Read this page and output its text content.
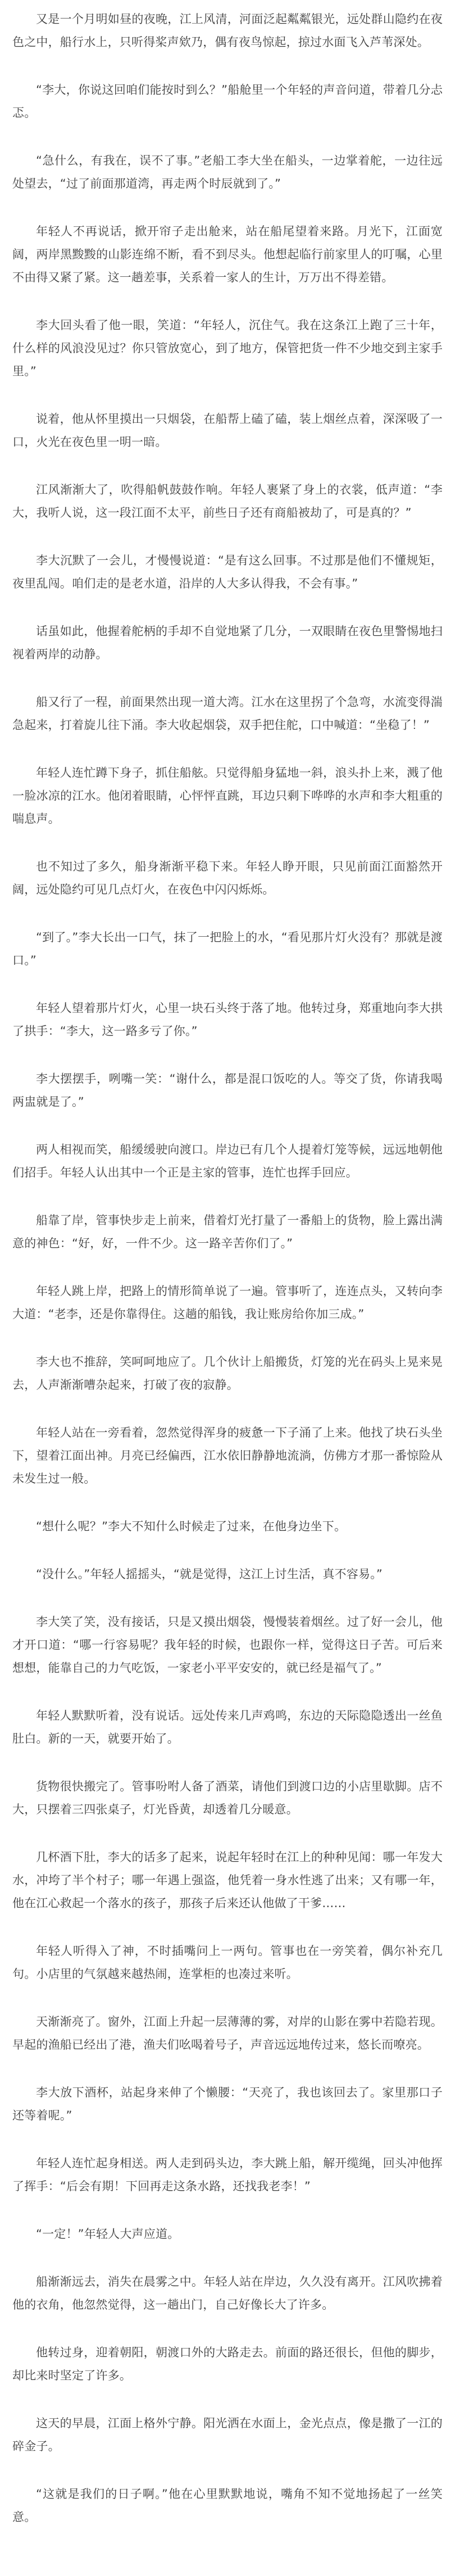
又是一个月明如昼的夜晚，江上风清，河面泛起粼粼银光，远处群山隐约在夜色之中，船行水上，只听得桨声欸乃，偶有夜鸟惊起，掠过水面飞入芦苇深处。

“李大，你说这回咱们能按时到么？”船舱里一个年轻的声音问道，带着几分忐忑。

“急什么，有我在，误不了事。”老船工李大坐在船头，一边掌着舵，一边往远处望去，“过了前面那道湾，再走两个时辰就到了。”

年轻人不再说话，掀开帘子走出舱来，站在船尾望着来路。月光下，江面宽阔，两岸黑黢黢的山影连绵不断，看不到尽头。他想起临行前家里人的叮嘱，心里不由得又紧了紧。这一趟差事，关系着一家人的生计，万万出不得差错。

李大回头看了他一眼，笑道：“年轻人，沉住气。我在这条江上跑了三十年，什么样的风浪没见过？你只管放宽心，到了地方，保管把货一件不少地交到主家手里。”

说着，他从怀里摸出一只烟袋，在船帮上磕了磕，装上烟丝点着，深深吸了一口，火光在夜色里一明一暗。

江风渐渐大了，吹得船帆鼓鼓作响。年轻人裹紧了身上的衣裳，低声道：“李大，我听人说，这一段江面不太平，前些日子还有商船被劫了，可是真的？”

李大沉默了一会儿，才慢慢说道：“是有这么回事。不过那是他们不懂规矩，夜里乱闯。咱们走的是老水道，沿岸的人大多认得我，不会有事。”

话虽如此，他握着舵柄的手却不自觉地紧了几分，一双眼睛在夜色里警惕地扫视着两岸的动静。

船又行了一程，前面果然出现一道大湾。江水在这里拐了个急弯，水流变得湍急起来，打着旋儿往下涌。李大收起烟袋，双手把住舵，口中喊道：“坐稳了！”

年轻人连忙蹲下身子，抓住船舷。只觉得船身猛地一斜，浪头扑上来，溅了他一脸冰凉的江水。他闭着眼睛，心怦怦直跳，耳边只剩下哗哗的水声和李大粗重的喘息声。

也不知过了多久，船身渐渐平稳下来。年轻人睁开眼，只见前面江面豁然开阔，远处隐约可见几点灯火，在夜色中闪闪烁烁。

“到了。”李大长出一口气，抹了一把脸上的水，“看见那片灯火没有？那就是渡口。”

年轻人望着那片灯火，心里一块石头终于落了地。他转过身，郑重地向李大拱了拱手：“李大，这一路多亏了你。”

李大摆摆手，咧嘴一笑：“谢什么，都是混口饭吃的人。等交了货，你请我喝两盅就是了。”

两人相视而笑，船缓缓驶向渡口。岸边已有几个人提着灯笼等候，远远地朝他们招手。年轻人认出其中一个正是主家的管事，连忙也挥手回应。

船靠了岸，管事快步走上前来，借着灯光打量了一番船上的货物，脸上露出满意的神色：“好，好，一件不少。这一路辛苦你们了。”

年轻人跳上岸，把路上的情形简单说了一遍。管事听了，连连点头，又转向李大道：“老李，还是你靠得住。这趟的船钱，我让账房给你加三成。”

李大也不推辞，笑呵呵地应了。几个伙计上船搬货，灯笼的光在码头上晃来晃去，人声渐渐嘈杂起来，打破了夜的寂静。

年轻人站在一旁看着，忽然觉得浑身的疲惫一下子涌了上来。他找了块石头坐下，望着江面出神。月亮已经偏西，江水依旧静静地流淌，仿佛方才那一番惊险从未发生过一般。

“想什么呢？”李大不知什么时候走了过来，在他身边坐下。

“没什么。”年轻人摇摇头，“就是觉得，这江上讨生活，真不容易。”

李大笑了笑，没有接话，只是又摸出烟袋，慢慢装着烟丝。过了好一会儿，他才开口道：“哪一行容易呢？我年轻的时候，也跟你一样，觉得这日子苦。可后来想想，能靠自己的力气吃饭，一家老小平平安安的，就已经是福气了。”

年轻人默默听着，没有说话。远处传来几声鸡鸣，东边的天际隐隐透出一丝鱼肚白。新的一天，就要开始了。

货物很快搬完了。管事吩咐人备了酒菜，请他们到渡口边的小店里歇脚。店不大，只摆着三四张桌子，灯光昏黄，却透着几分暖意。

几杯酒下肚，李大的话多了起来，说起年轻时在江上的种种见闻：哪一年发大水，冲垮了半个村子；哪一年遇上强盗，他凭着一身水性逃了出来；又有哪一年，他在江心救起一个落水的孩子，那孩子后来还认他做了干爹……

年轻人听得入了神，不时插嘴问上一两句。管事也在一旁笑着，偶尔补充几句。小店里的气氛越来越热闹，连掌柜的也凑过来听。

天渐渐亮了。窗外，江面上升起一层薄薄的雾，对岸的山影在雾中若隐若现。早起的渔船已经出了港，渔夫们吆喝着号子，声音远远地传过来，悠长而嘹亮。

李大放下酒杯，站起身来伸了个懒腰：“天亮了，我也该回去了。家里那口子还等着呢。”

年轻人连忙起身相送。两人走到码头边，李大跳上船，解开缆绳，回头冲他挥了挥手：“后会有期！下回再走这条水路，还找我老李！”

“一定！”年轻人大声应道。

船渐渐远去，消失在晨雾之中。年轻人站在岸边，久久没有离开。江风吹拂着他的衣角，他忽然觉得，这一趟出门，自己好像长大了许多。

他转过身，迎着朝阳，朝渡口外的大路走去。前面的路还很长，但他的脚步，却比来时坚定了许多。

这天的早晨，江面上格外宁静。阳光洒在水面上，金光点点，像是撒了一江的碎金子。

“这就是我们的日子啊。”他在心里默默地说，嘴角不知不觉地扬起了一丝笑意。
